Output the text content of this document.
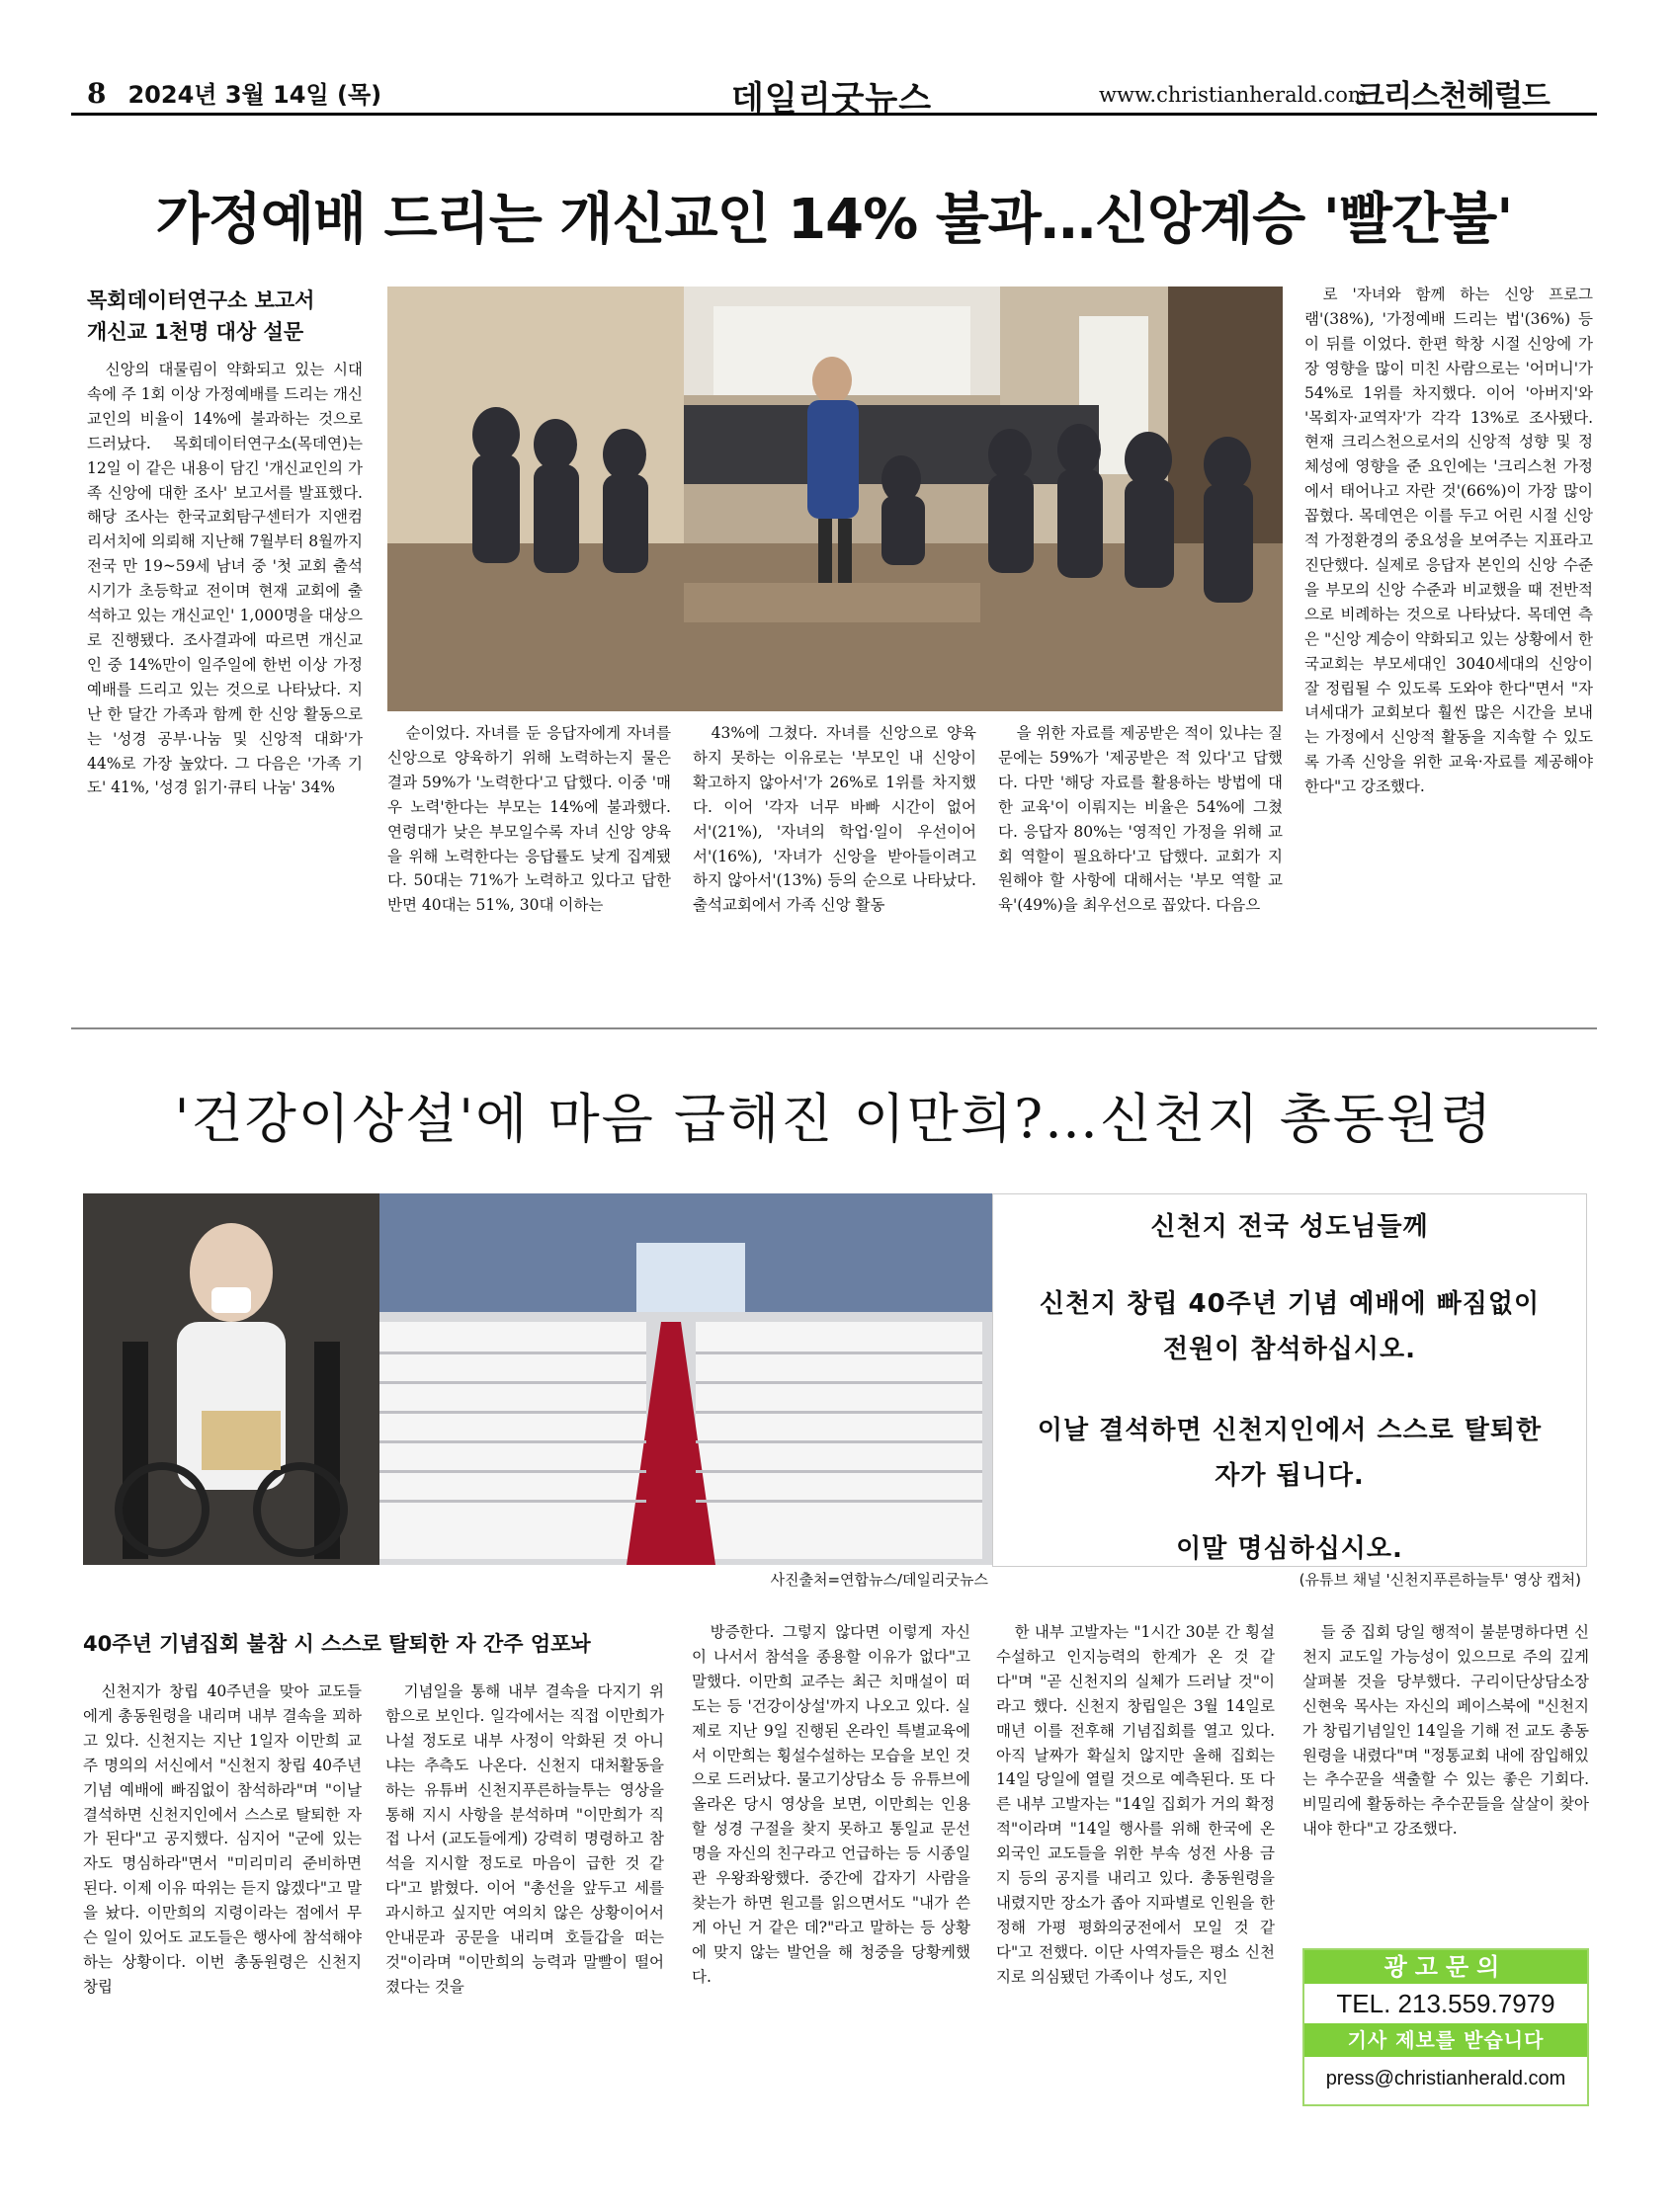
8 2024년 3월 14일 (목)	데일리굿뉴스	www.christianherald.com
크리스천헤럴드
가정예배 드리는 개신교인 14% 불과…신앙계승 '빨간불'
목회데이터연구소 보고서
개신교 1천명 대상 설문

신앙의 대물림이 약화되고 있는 시대 속에 주 1회 이상 가정예배를 드리는 개신교인의 비율이 14%에 불과하는 것으로 드러났다. 목회데이터연구소(목데연)는 12일 이 같은 내용이 담긴 '개신교인의 가족 신앙에 대한 조사' 보고서를 발표했다. 해당 조사는 한국교회탐구센터가 지앤컴리서치에 의뢰해 지난해 7월부터 8월까지 전국 만 19~59세 남녀 중 '첫 교회 출석 시기가 초등학교 전이며 현재 교회에 출석하고 있는 개신교인' 1,000명을 대상으로 진행됐다. 조사결과에 따르면 개신교인 중 14%만이 일주일에 한번 이상 가정예배를 드리고 있는 것으로 나타났다. 지난 한 달간 가족과 함께 한 신앙 활동으로는 '성경 공부·나눔 및 신앙적 대화'가 44%로 가장 높았다. 그 다음은 '가족 기도' 41%, '성경 읽기·큐티 나눔' 34%

순이었다. 자녀를 둔 응답자에게 자녀를 신앙으로 양육하기 위해 노력하는지 물은 결과 59%가 '노력한다'고 답했다. 이중 '매우 노력'한다는 부모는 14%에 불과했다. 연령대가 낮은 부모일수록 자녀 신앙 양육을 위해 노력한다는 응답률도 낮게 집계됐다. 50대는 71%가 노력하고 있다고 답한 반면 40대는 51%, 30대 이하는

43%에 그쳤다. 자녀를 신앙으로 양육하지 못하는 이유로는 '부모인 내 신앙이 확고하지 않아서'가 26%로 1위를 차지했다. 이어 '각자 너무 바빠 시간이 없어서'(21%), '자녀의 학업·일이 우선이어서'(16%), '자녀가 신앙을 받아들이려고 하지 않아서'(13%) 등의 순으로 나타났다. 출석교회에서 가족 신앙 활동

을 위한 자료를 제공받은 적이 있냐는 질문에는 59%가 '제공받은 적 있다'고 답했다. 다만 '해당 자료를 활용하는 방법에 대한 교육'이 이뤄지는 비율은 54%에 그쳤다. 응답자 80%는 '영적인 가정을 위해 교회 역할이 필요하다'고 답했다. 교회가 지원해야 할 사항에 대해서는 '부모 역할 교육'(49%)을 최우선으로 꼽았다. 다음으

로 '자녀와 함께 하는 신앙 프로그램'(38%), '가정예배 드리는 법'(36%) 등이 뒤를 이었다. 한편 학창 시절 신앙에 가장 영향을 많이 미친 사람으로는 '어머니'가 54%로 1위를 차지했다. 이어 '아버지'와 '목회자·교역자'가 각각 13%로 조사됐다. 현재 크리스천으로서의 신앙적 성향 및 정체성에 영향을 준 요인에는 '크리스천 가정에서 태어나고 자란 것'(66%)이 가장 많이 꼽혔다. 목데연은 이를 두고 어린 시절 신앙적 가정환경의 중요성을 보여주는 지표라고 진단했다. 실제로 응답자 본인의 신앙 수준을 부모의 신앙 수준과 비교했을 때 전반적으로 비례하는 것으로 나타났다. 목데연 측은 "신앙 계승이 약화되고 있는 상황에서 한국교회는 부모세대인 3040세대의 신앙이 잘 정립될 수 있도록 도와야 한다"면서 "자녀세대가 교회보다 훨씬 많은 시간을 보내는 가정에서 신앙적 활동을 지속할 수 있도록 가족 신앙을 위한 교육·자료를 제공해야 한다"고 강조했다.

'건강이상설'에 마음 급해진 이만희?…신천지 총동원령
신천지 전국 성도님들께
신천지 창립 40주년 기념 예배에 빠짐없이
전원이 참석하십시오.
이날 결석하면 신천지인에서 스스로 탈퇴한
자가 됩니다.
이말 명심하십시오.
사진출처=연합뉴스/데일리굿뉴스	(유튜브 채널 '신천지푸른하늘투' 영상 캡처)
40주년 기념집회 불참 시 스스로 탈퇴한 자 간주 엄포놔

신천지가 창립 40주년을 맞아 교도들에게 총동원령을 내리며 내부 결속을 꾀하고 있다. 신천지는 지난 1일자 이만희 교주 명의의 서신에서 "신천지 창립 40주년 기념 예배에 빠짐없이 참석하라"며 "이날 결석하면 신천지인에서 스스로 탈퇴한 자가 된다"고 공지했다. 심지어 "군에 있는 자도 명심하라"면서 "미리미리 준비하면 된다. 이제 이유 따위는 듣지 않겠다"고 말을 놨다. 이만희의 지령이라는 점에서 무슨 일이 있어도 교도들은 행사에 참석해야 하는 상황이다. 이번 총동원령은 신천지 창립

기념일을 통해 내부 결속을 다지기 위함으로 보인다. 일각에서는 직접 이만희가 나설 정도로 내부 사정이 악화된 것 아니냐는 추측도 나온다. 신천지 대처활동을 하는 유튜버 신천지푸른하늘투는 영상을 통해 지시 사항을 분석하며 "이만희가 직접 나서 (교도들에게) 강력히 명령하고 참석을 지시할 정도로 마음이 급한 것 같다"고 밝혔다. 이어 "총선을 앞두고 세를 과시하고 싶지만 여의치 않은 상황이어서 안내문과 공문을 내리며 호들갑을 떠는 것"이라며 "이만희의 능력과 말빨이 떨어졌다는 것을

방증한다. 그렇지 않다면 이렇게 자신이 나서서 참석을 종용할 이유가 없다"고 말했다. 이만희 교주는 최근 치매설이 떠도는 등 '건강이상설'까지 나오고 있다. 실제로 지난 9일 진행된 온라인 특별교육에서 이만희는 횡설수설하는 모습을 보인 것으로 드러났다. 물고기상담소 등 유튜브에 올라온 당시 영상을 보면, 이만희는 인용할 성경 구절을 찾지 못하고 통일교 문선명을 자신의 친구라고 언급하는 등 시종일관 우왕좌왕했다. 중간에 갑자기 사람을 찾는가 하면 원고를 읽으면서도 "내가 쓴 게 아닌 거 같은 데?"라고 말하는 등 상황에 맞지 않는 발언을 해 청중을 당황케했다.

한 내부 고발자는 "1시간 30분 간 횡설수설하고 인지능력의 한계가 온 것 같다"며 "곧 신천지의 실체가 드러날 것"이라고 했다. 신천지 창립일은 3월 14일로 매년 이를 전후해 기념집회를 열고 있다. 아직 날짜가 확실치 않지만 올해 집회는 14일 당일에 열릴 것으로 예측된다. 또 다른 내부 고발자는 "14일 집회가 거의 확정적"이라며 "14일 행사를 위해 한국에 온 외국인 교도들을 위한 부속 성전 사용 금지 등의 공지를 내리고 있다. 총동원령을 내렸지만 장소가 좁아 지파별로 인원을 한정해 가평 평화의궁전에서 모일 것 같다"고 전했다. 이단 사역자들은 평소 신천지로 의심됐던 가족이나 성도, 지인

들 중 집회 당일 행적이 불분명하다면 신천지 교도일 가능성이 있으므로 주의 깊게 살펴볼 것을 당부했다. 구리이단상담소장 신현욱 목사는 자신의 페이스북에 "신천지가 창립기념일인 14일을 기해 전 교도 총동원령을 내렸다"며 "정통교회 내에 잠입해있는 추수꾼을 색출할 수 있는 좋은 기회다. 비밀리에 활동하는 추수꾼들을 살살이 찾아내야 한다"고 강조했다.

광고문의
TEL. 213.559.7979
기사 제보를 받습니다
press@christianherald.com
